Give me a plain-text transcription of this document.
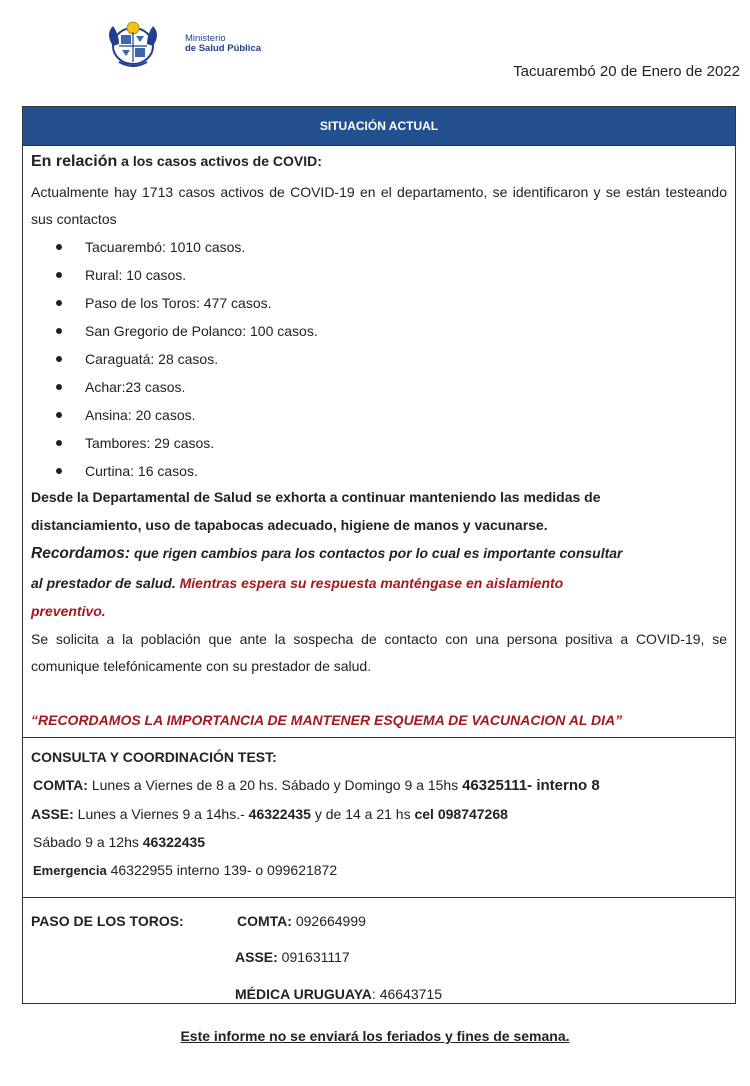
Ministerio
de Salud Pública
Tacuarembó 20 de Enero de 2022
SITUACIÓN ACTUAL
En relación a los casos activos de COVID:
Actualmente hay 1713 casos activos de COVID-19 en el departamento, se identificaron y se están testeando sus contactos
Tacuarembó: 1010 casos.
Rural: 10 casos.
Paso de los Toros: 477 casos.
San Gregorio de Polanco: 100 casos.
Caraguatá: 28 casos.
Achar:23 casos.
Ansina: 20 casos.
Tambores: 29 casos.
Curtina: 16 casos.
Desde la Departamental de Salud se exhorta a continuar manteniendo las medidas de
distanciamiento, uso de tapabocas adecuado, higiene de manos y vacunarse.
Recordamos: que rigen cambios para los contactos por lo cual es importante consultar
al prestador de salud. Mientras espera su respuesta manténgase en aislamiento
preventivo.
Se solicita a la población que ante la sospecha de contacto con una persona positiva a COVID-19, se comunique telefónicamente con su prestador de salud.
“RECORDAMOS LA IMPORTANCIA DE MANTENER ESQUEMA DE VACUNACION AL DIA”
CONSULTA Y COORDINACIÓN TEST:
COMTA: Lunes a Viernes de 8 a 20 hs. Sábado y Domingo 9 a 15hs 46325111- interno 8
ASSE: Lunes a Viernes 9 a 14hs.- 46322435 y de 14 a 21 hs cel 098747268
Sábado 9 a 12hs 46322435
Emergencia 46322955 interno 139- o 099621872
PASO DE LOS TOROS:	COMTA: 092664999
ASSE: 091631117
MÉDICA URUGUAYA: 46643715
Este informe no se enviará los feriados y fines de semana.
